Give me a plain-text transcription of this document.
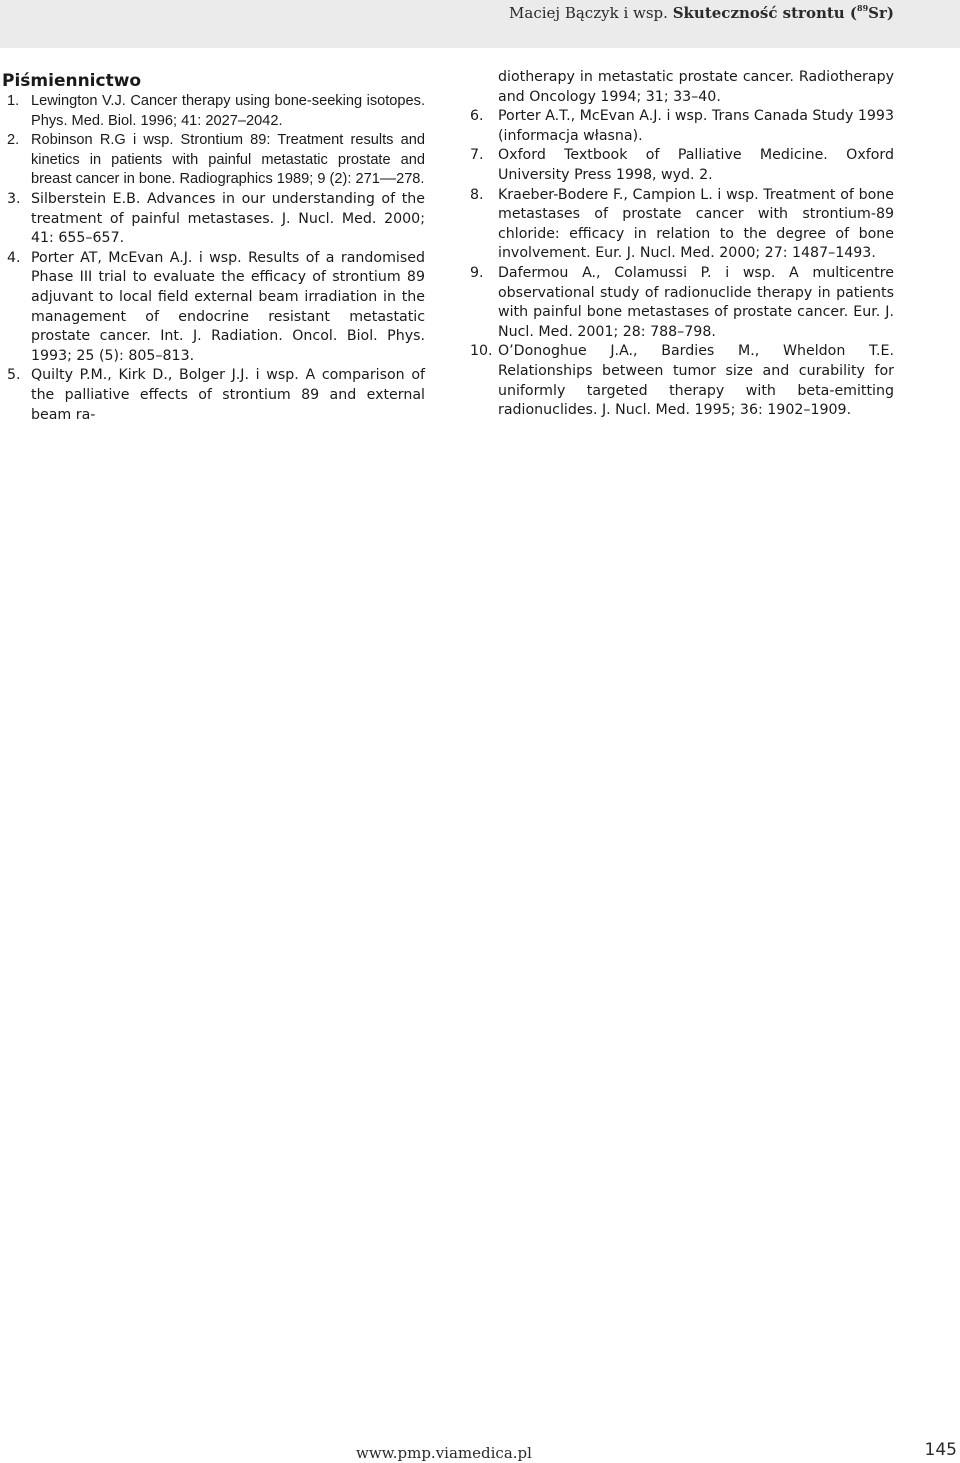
Maciej Bączyk i wsp. Skuteczność strontu ($^{89}$Sr)
Piśmiennictwo
1. Lewington V.J. Cancer therapy using bone-seeking isotopes. Phys. Med. Biol. 1996; 41: 2027–2042.
2. Robinson R.G i wsp. Strontium 89: Treatment results and kinetics in patients with painful metastatic prostate and breast cancer in bone. Radiographics 1989; 9 (2): 271––278.
3. Silberstein E.B. Advances in our understanding of the treatment of painful metastases. J. Nucl. Med. 2000; 41: 655–657.
4. Porter AT, McEvan A.J. i wsp. Results of a randomised Phase III trial to evaluate the efficacy of strontium 89 adjuvant to local field external beam irradiation in the management of endocrine resistant metastatic prostate cancer. Int. J. Radiation. Oncol. Biol. Phys. 1993; 25 (5): 805–813.
5. Quilty P.M., Kirk D., Bolger J.J. i wsp. A comparison of the palliative effects of strontium 89 and external beam ra-
diotherapy in metastatic prostate cancer. Radiotherapy and Oncology 1994; 31; 33–40.
6. Porter A.T., McEvan A.J. i wsp. Trans Canada Study 1993 (informacja własna).
7. Oxford Textbook of Palliative Medicine. Oxford University Press 1998, wyd. 2.
8. Kraeber-Bodere F., Campion L. i wsp. Treatment of bone metastases of prostate cancer with strontium-89 chloride: efficacy in relation to the degree of bone involvement. Eur. J. Nucl. Med. 2000; 27: 1487–1493.
9. Dafermou A., Colamussi P. i wsp. A multicentre observational study of radionuclide therapy in patients with painful bone metastases of prostate cancer. Eur. J. Nucl. Med. 2001; 28: 788–798.
10. O’Donoghue J.A., Bardies M., Wheldon T.E. Relationships between tumor size and curability for uniformly targeted therapy with beta-emitting radionuclides. J. Nucl. Med. 1995; 36: 1902–1909.
www.pmp.viamedica.pl	145
